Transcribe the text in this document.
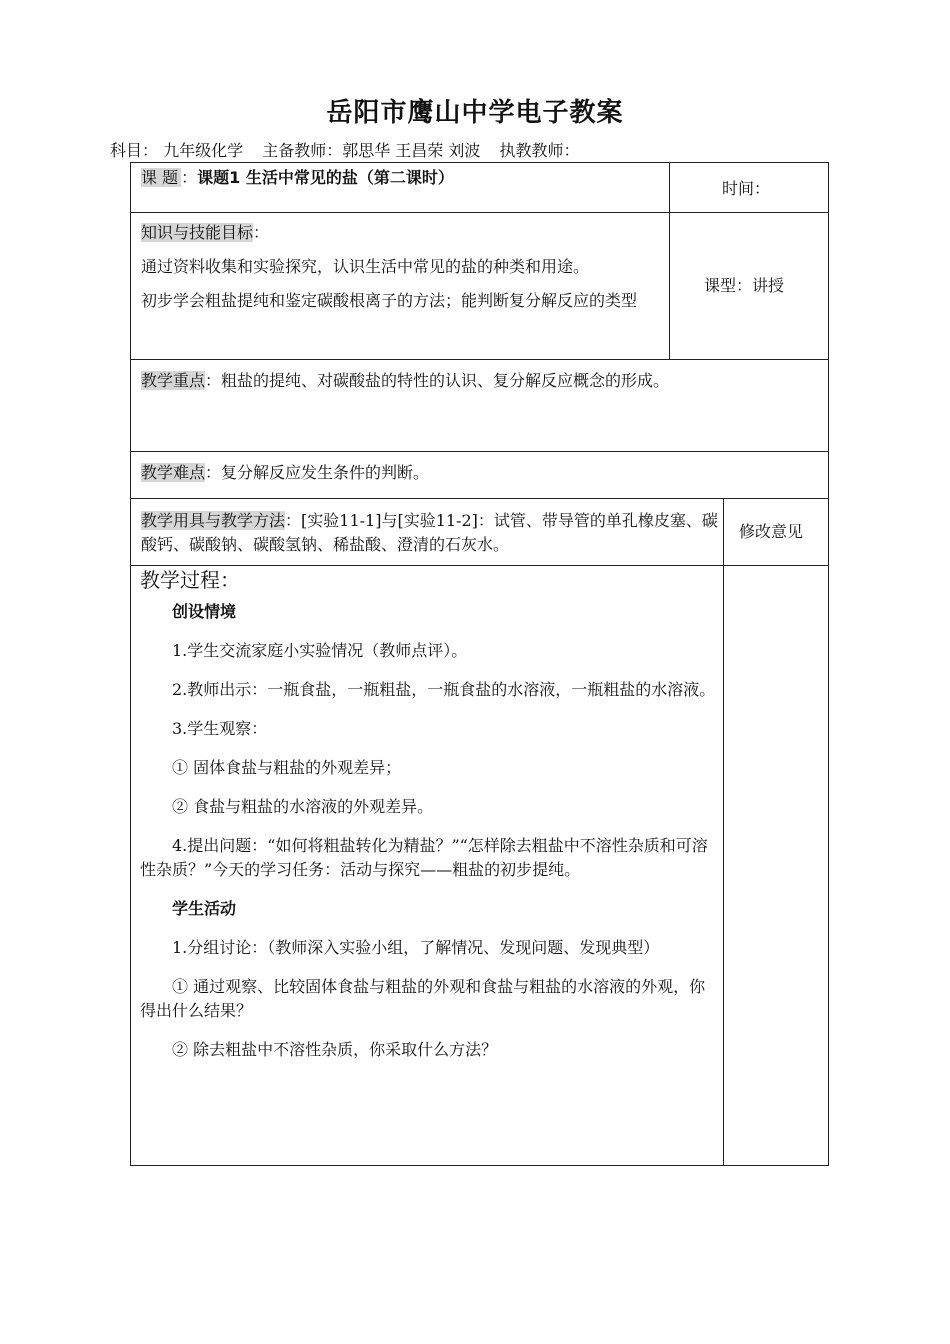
岳阳市鹰山中学电子教案
科目： 九年级化学 主备教师：郭思华 王昌荣 刘波 执教教师：
课 题 ：课题1 生活中常见的盐（第二课时）
时间：

知识与技能目标：

通过资料收集和实验探究，认识生活中常见的盐的种类和用途。

初步学会粗盐提纯和鉴定碳酸根离子的方法；能判断复分解反应的类型

课型：讲授

教学重点：粗盐的提纯、对碳酸盐的特性的认识、复分解反应概念的形成。

教学难点：复分解反应发生条件的判断。

教学用具与教学方法：[实验11-1]与[实验11-2]：试管、带导管的单孔橡皮塞、碳酸钙、碳酸钠、碳酸氢钠、稀盐酸、澄清的石灰水。

修改意见
教学过程：

创设情境

1.学生交流家庭小实验情况（教师点评）。

2.教师出示：一瓶食盐，一瓶粗盐，一瓶食盐的水溶液，一瓶粗盐的水溶液。

3.学生观察：

① 固体食盐与粗盐的外观差异；

② 食盐与粗盐的水溶液的外观差异。

4.提出问题：“如何将粗盐转化为精盐？”“怎样除去粗盐中不溶性杂质和可溶性杂质？”今天的学习任务：活动与探究——粗盐的初步提纯。

学生活动

1.分组讨论：（教师深入实验小组，了解情况、发现问题、发现典型）

① 通过观察、比较固体食盐与粗盐的外观和食盐与粗盐的水溶液的外观，你得出什么结果？

② 除去粗盐中不溶性杂质，你采取什么方法？
